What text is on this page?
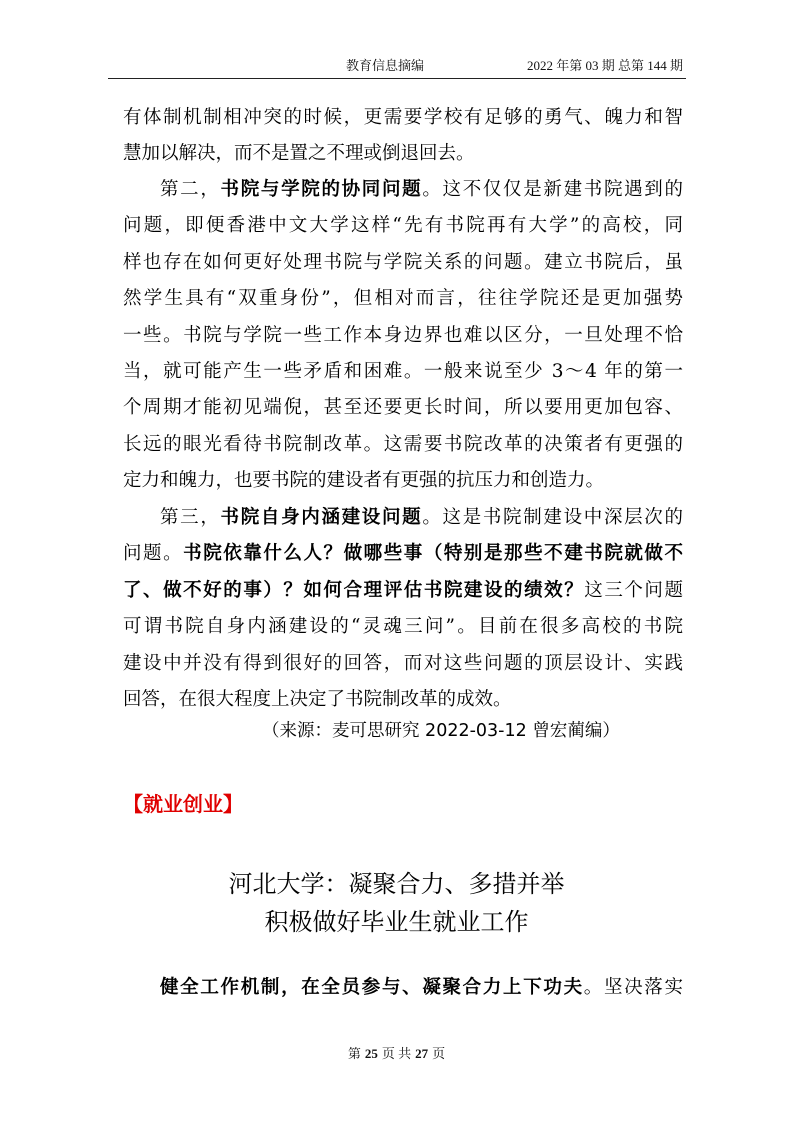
教育信息摘编	2022 年第 03 期 总第 144 期
有体制机制相冲突的时候，更需要学校有足够的勇气、魄力和智
慧加以解决，而不是置之不理或倒退回去。
第二，书院与学院的协同问题。这不仅仅是新建书院遇到的
问题，即便香港中文大学这样“先有书院再有大学”的高校，同
样也存在如何更好处理书院与学院关系的问题。建立书院后，虽
然学生具有“双重身份”，但相对而言，往往学院还是更加强势
一些。书院与学院一些工作本身边界也难以区分，一旦处理不恰
当，就可能产生一些矛盾和困难。一般来说至少 3～4 年的第一
个周期才能初见端倪，甚至还要更长时间，所以要用更加包容、
长远的眼光看待书院制改革。这需要书院改革的决策者有更强的
定力和魄力，也要书院的建设者有更强的抗压力和创造力。
第三，书院自身内涵建设问题。这是书院制建设中深层次的
问题。书院依靠什么人？做哪些事（特别是那些不建书院就做不
了、做不好的事）？如何合理评估书院建设的绩效？这三个问题
可谓书院自身内涵建设的“灵魂三问”。目前在很多高校的书院
建设中并没有得到很好的回答，而对这些问题的顶层设计、实践
回答，在很大程度上决定了书院制改革的成效。
（来源：麦可思研究 2022-03-12 曾宏蔺编）
【就业创业】
河北大学：凝聚合力、多措并举
积极做好毕业生就业工作
健全工作机制，在全员参与、凝聚合力上下功夫。坚决落实
第 25 页 共 27 页
